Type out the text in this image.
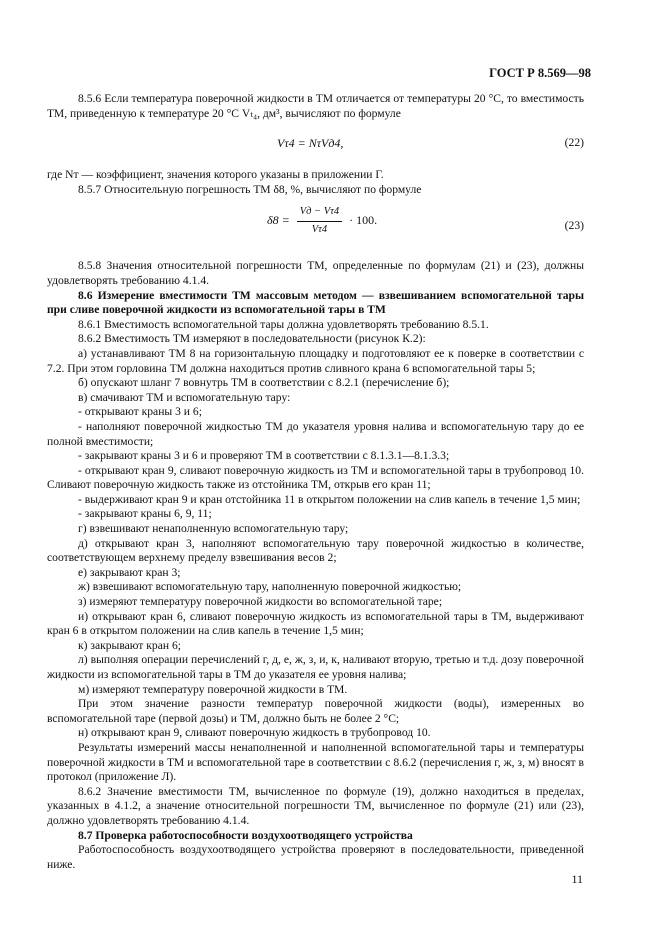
ГОСТ Р 8.569—98

8.5.6 Если температура поверочной жидкости в ТМ отличается от температуры 20 °С, то вместимость ТМ, приведенную к температуре 20 °С Vₜ₄, дм³, вычисляют по формуле

Vτ4 = NτVд4,	(22)

где Nт — коэффициент, значения которого указаны в приложении Г.

8.5.7 Относительную погрешность ТМ δ8, %, вычисляют по формуле

$\delta 8 = \frac{Vд - V\tau 4}{V\tau 4} \cdot 100$.	(23)

8.5.8 Значения относительной погрешности ТМ, определенные по формулам (21) и (23), должны удовлетворять требованию 4.1.4.

8.6 Измерение вместимости ТМ массовым методом — взвешиванием вспомогательной тары при сливе поверочной жидкости из вспомогательной тары в ТМ

8.6.1 Вместимость вспомогательной тары должна удовлетворять требованию 8.5.1.

8.6.2 Вместимость ТМ измеряют в последовательности (рисунок К.2):

а) устанавливают ТМ 8 на горизонтальную площадку и подготовляют ее к поверке в соответствии с 7.2. При этом горловина ТМ должна находиться против сливного крана 6 вспомогательной тары 5;

б) опускают шланг 7 вовнутрь ТМ в соответствии с 8.2.1 (перечисление б);

в) смачивают ТМ и вспомогательную тару:

- открывают краны 3 и 6;

- наполняют поверочной жидкостью ТМ до указателя уровня налива и вспомогательную тару до ее полной вместимости;

- закрывают краны 3 и 6 и проверяют ТМ в соответствии с 8.1.3.1—8.1.3.3;

- открывают кран 9, сливают поверочную жидкость из ТМ и вспомогательной тары в трубопровод 10. Сливают поверочную жидкость также из отстойника ТМ, открыв его кран 11;

- выдерживают кран 9 и кран отстойника 11 в открытом положении на слив капель в течение 1,5 мин;

- закрывают краны 6, 9, 11;

г) взвешивают ненаполненную вспомогательную тару;

д) открывают кран 3, наполняют вспомогательную тару поверочной жидкостью в количестве, соответствующем верхнему пределу взвешивания весов 2;

е) закрывают кран 3;

ж) взвешивают вспомогательную тару, наполненную поверочной жидкостью;

з) измеряют температуру поверочной жидкости во вспомогательной таре;

и) открывают кран 6, сливают поверочную жидкость из вспомогательной тары в ТМ, выдерживают кран 6 в открытом положении на слив капель в течение 1,5 мин;

к) закрывают кран 6;

л) выполняя операции перечислений г, д, е, ж, з, и, к, наливают вторую, третью и т.д. дозу поверочной жидкости из вспомогательной тары в ТМ до указателя ее уровня налива;

м) измеряют температуру поверочной жидкости в ТМ.

При этом значение разности температур поверочной жидкости (воды), измеренных во вспомогательной таре (первой дозы) и ТМ, должно быть не более 2 °С;

н) открывают кран 9, сливают поверочную жидкость в трубопровод 10.

Результаты измерений массы ненаполненной и наполненной вспомогательной тары и температуры поверочной жидкости в ТМ и вспомогательной таре в соответствии с 8.6.2 (перечисления г, ж, з, м) вносят в протокол (приложение Л).

8.6.2 Значение вместимости ТМ, вычисленное по формуле (19), должно находиться в пределах, указанных в 4.1.2, а значение относительной погрешности ТМ, вычисленное по формуле (21) или (23), должно удовлетворять требованию 4.1.4.

8.7 Проверка работоспособности воздухоотводящего устройства

Работоспособность воздухоотводящего устройства проверяют в последовательности, приведенной ниже.

11
